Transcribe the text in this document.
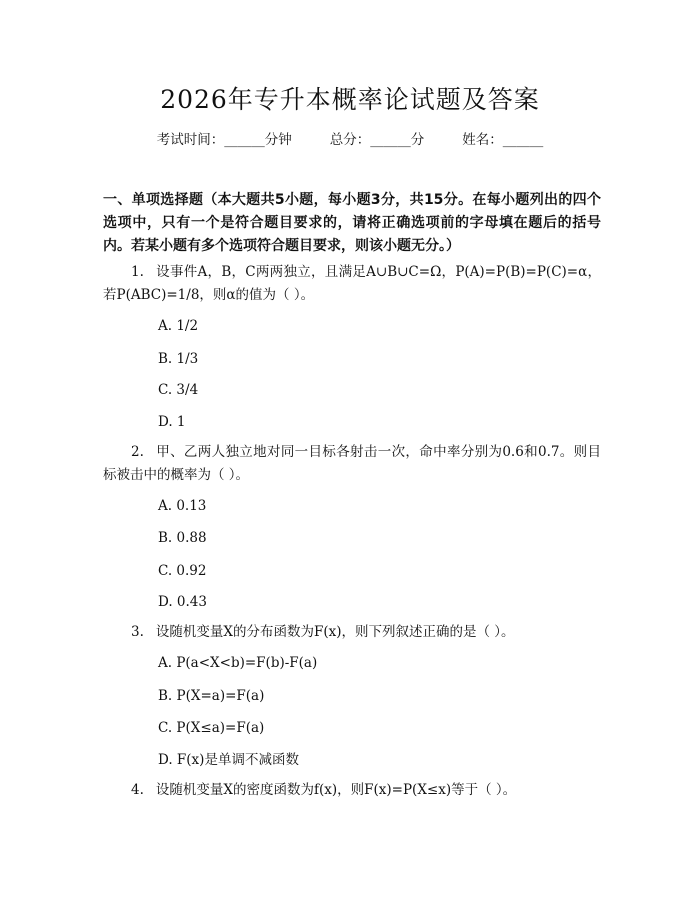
2026年专升本概率论试题及答案
考试时间：______分钟	总分：______分	姓名：______
一、单项选择题（本大题共5小题，每小题3分，共15分。在每小题列出的四个选项中，只有一个是符合题目要求的，请将正确选项前的字母填在题后的括号内。若某小题有多个选项符合题目要求，则该小题无分。）
1. 设事件A，B，C两两独立，且满足A∪B∪C=Ω，P(A)=P(B)=P(C)=α，若P(ABC)=1/8，则α的值为（ ）。
A. 1/2
B. 1/3
C. 3/4
D. 1
2. 甲、乙两人独立地对同一目标各射击一次，命中率分别为0.6和0.7。则目标被击中的概率为（ ）。
A. 0.13
B. 0.88
C. 0.92
D. 0.43
3. 设随机变量X的分布函数为F(x)，则下列叙述正确的是（ ）。
A. P(a<X<b)=F(b)-F(a)
B. P(X=a)=F(a)
C. P(X≤a)=F(a)
D. F(x)是单调不减函数
4. 设随机变量X的密度函数为f(x)，则F(x)=P(X≤x)等于（ ）。
